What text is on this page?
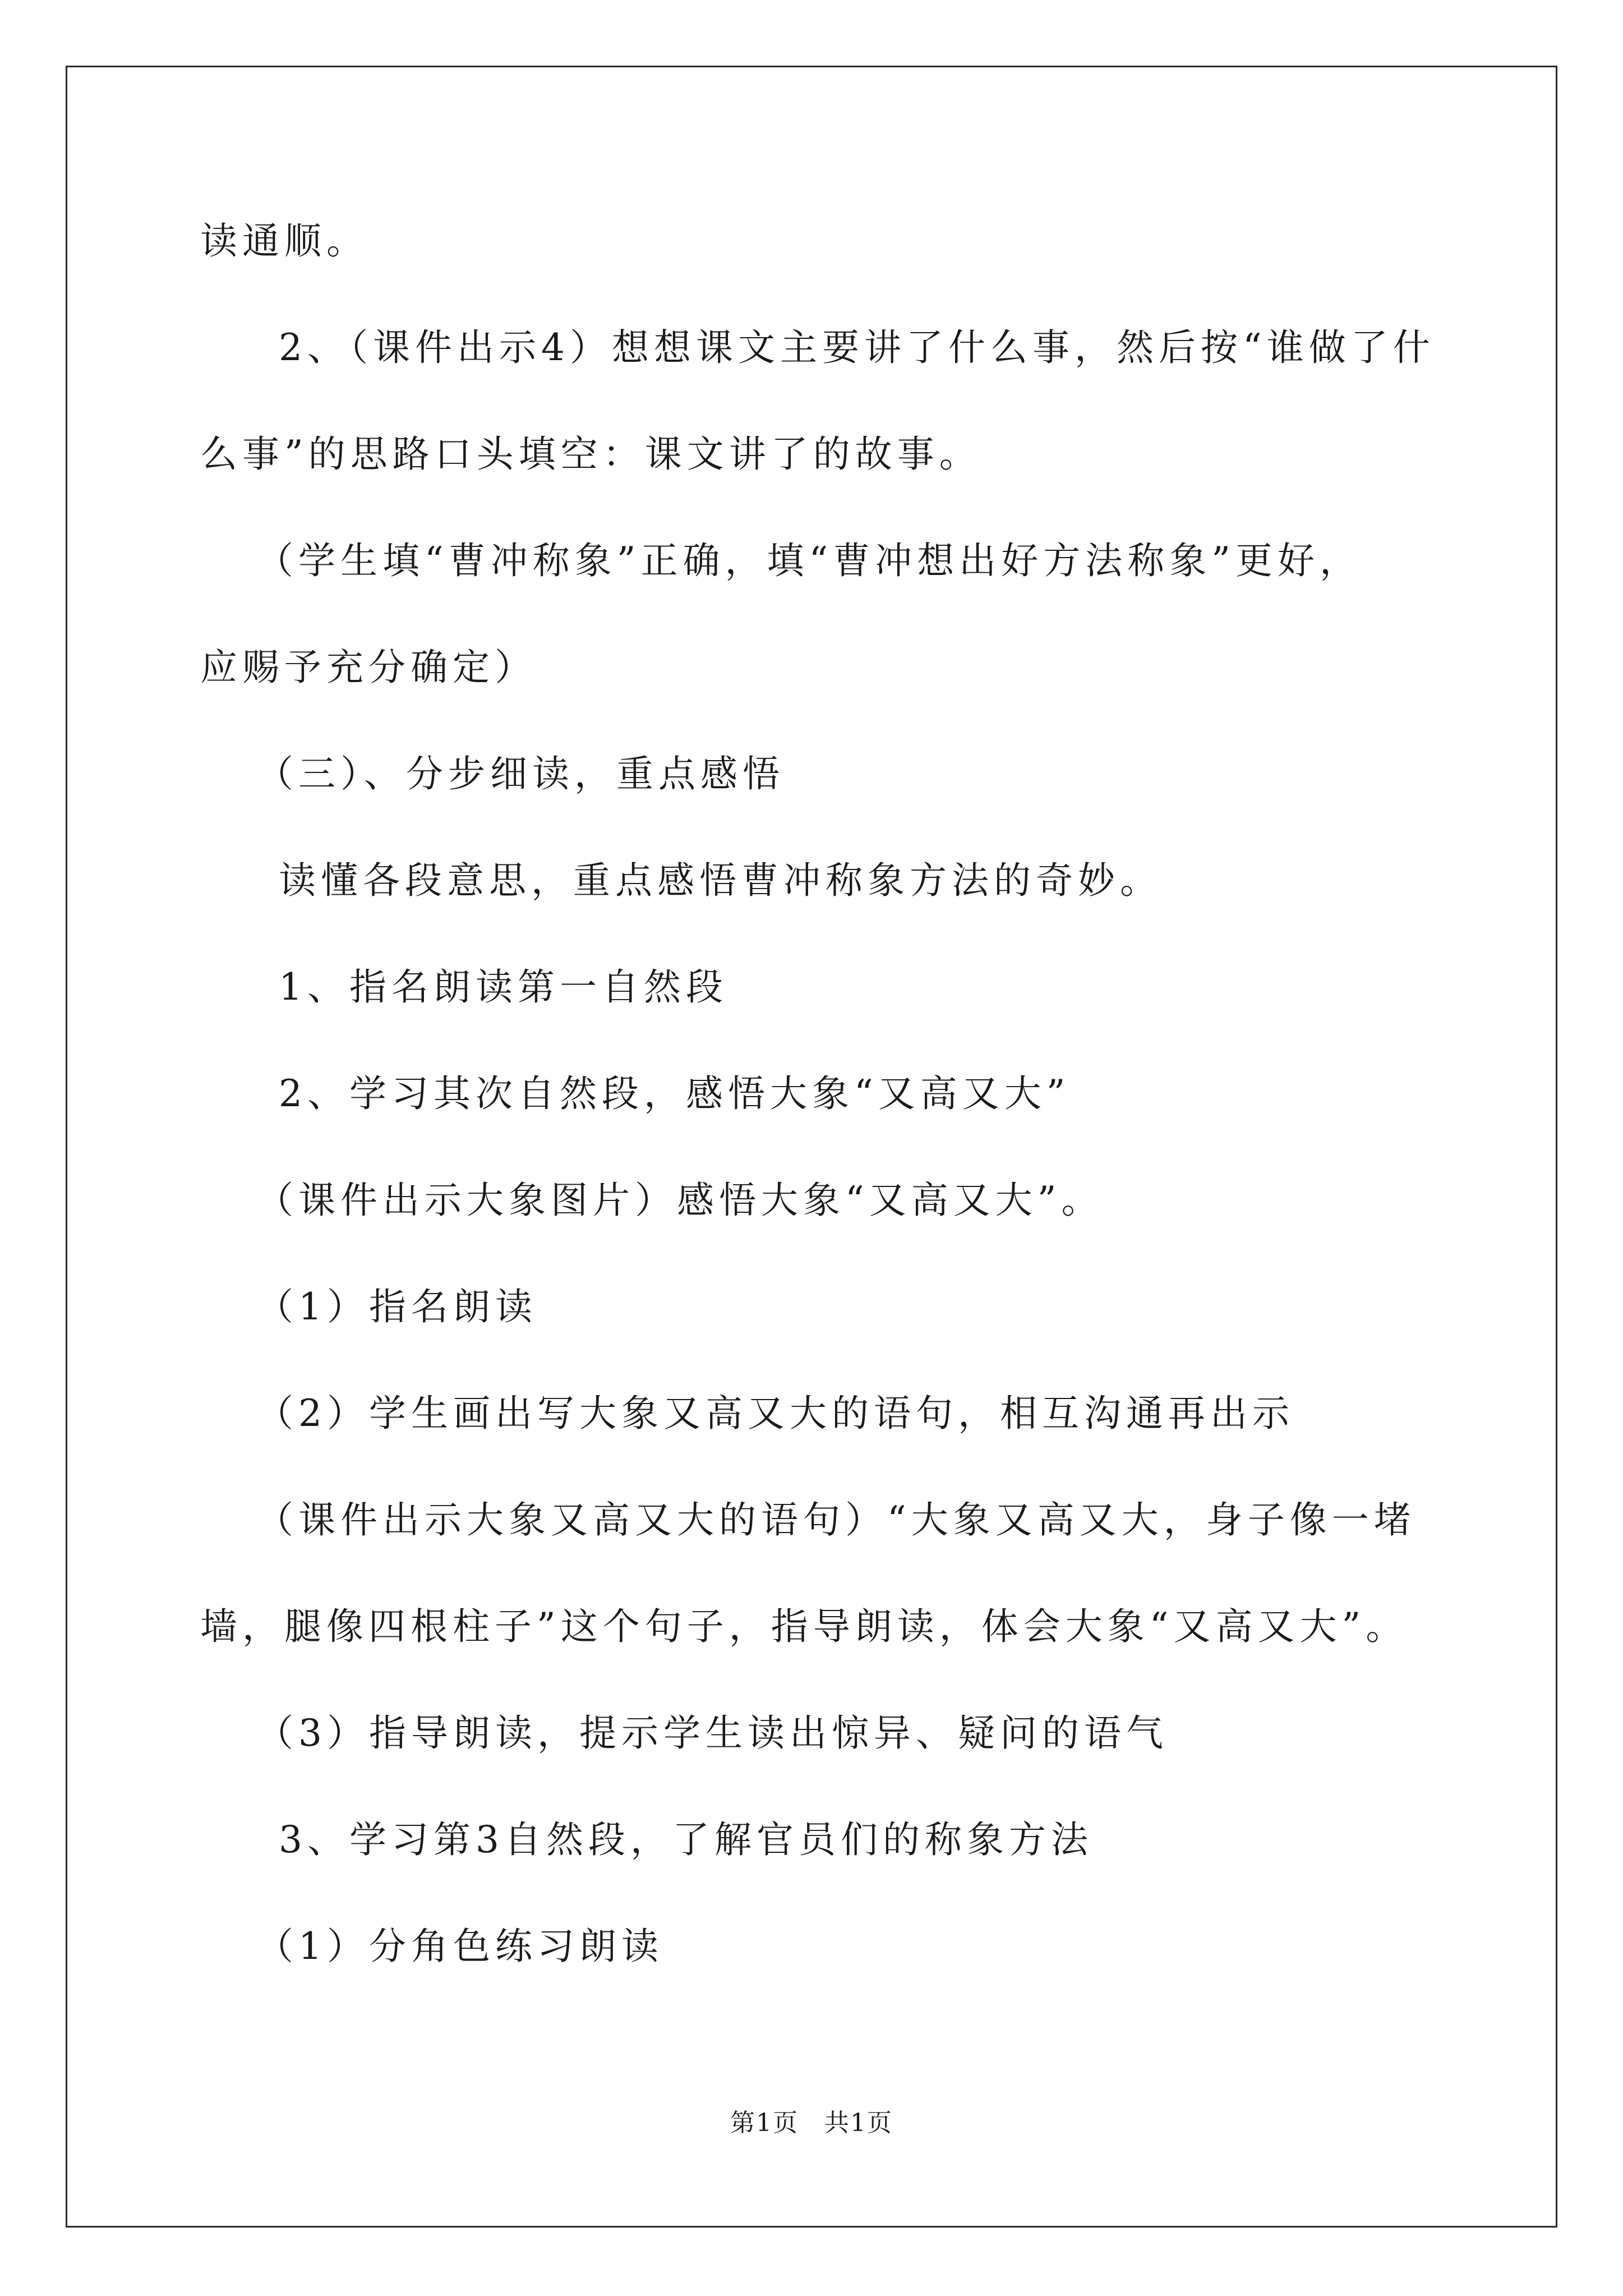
读通顺。
2、（课件出示4）想想课文主要讲了什么事，然后按“谁做了什
么事”的思路口头填空：课文讲了的故事。
（学生填“曹冲称象”正确，填“曹冲想出好方法称象”更好，
应赐予充分确定）
（三）、分步细读，重点感悟
读懂各段意思，重点感悟曹冲称象方法的奇妙。
1、指名朗读第一自然段
2、学习其次自然段，感悟大象“又高又大”
（课件出示大象图片）感悟大象“又高又大”。
（1）指名朗读
（2）学生画出写大象又高又大的语句，相互沟通再出示
（课件出示大象又高又大的语句）“大象又高又大，身子像一堵
墙，腿像四根柱子”这个句子，指导朗读，体会大象“又高又大”。
（3）指导朗读，提示学生读出惊异、疑问的语气
3、学习第3自然段，了解官员们的称象方法
（1）分角色练习朗读
第1页　共1页
